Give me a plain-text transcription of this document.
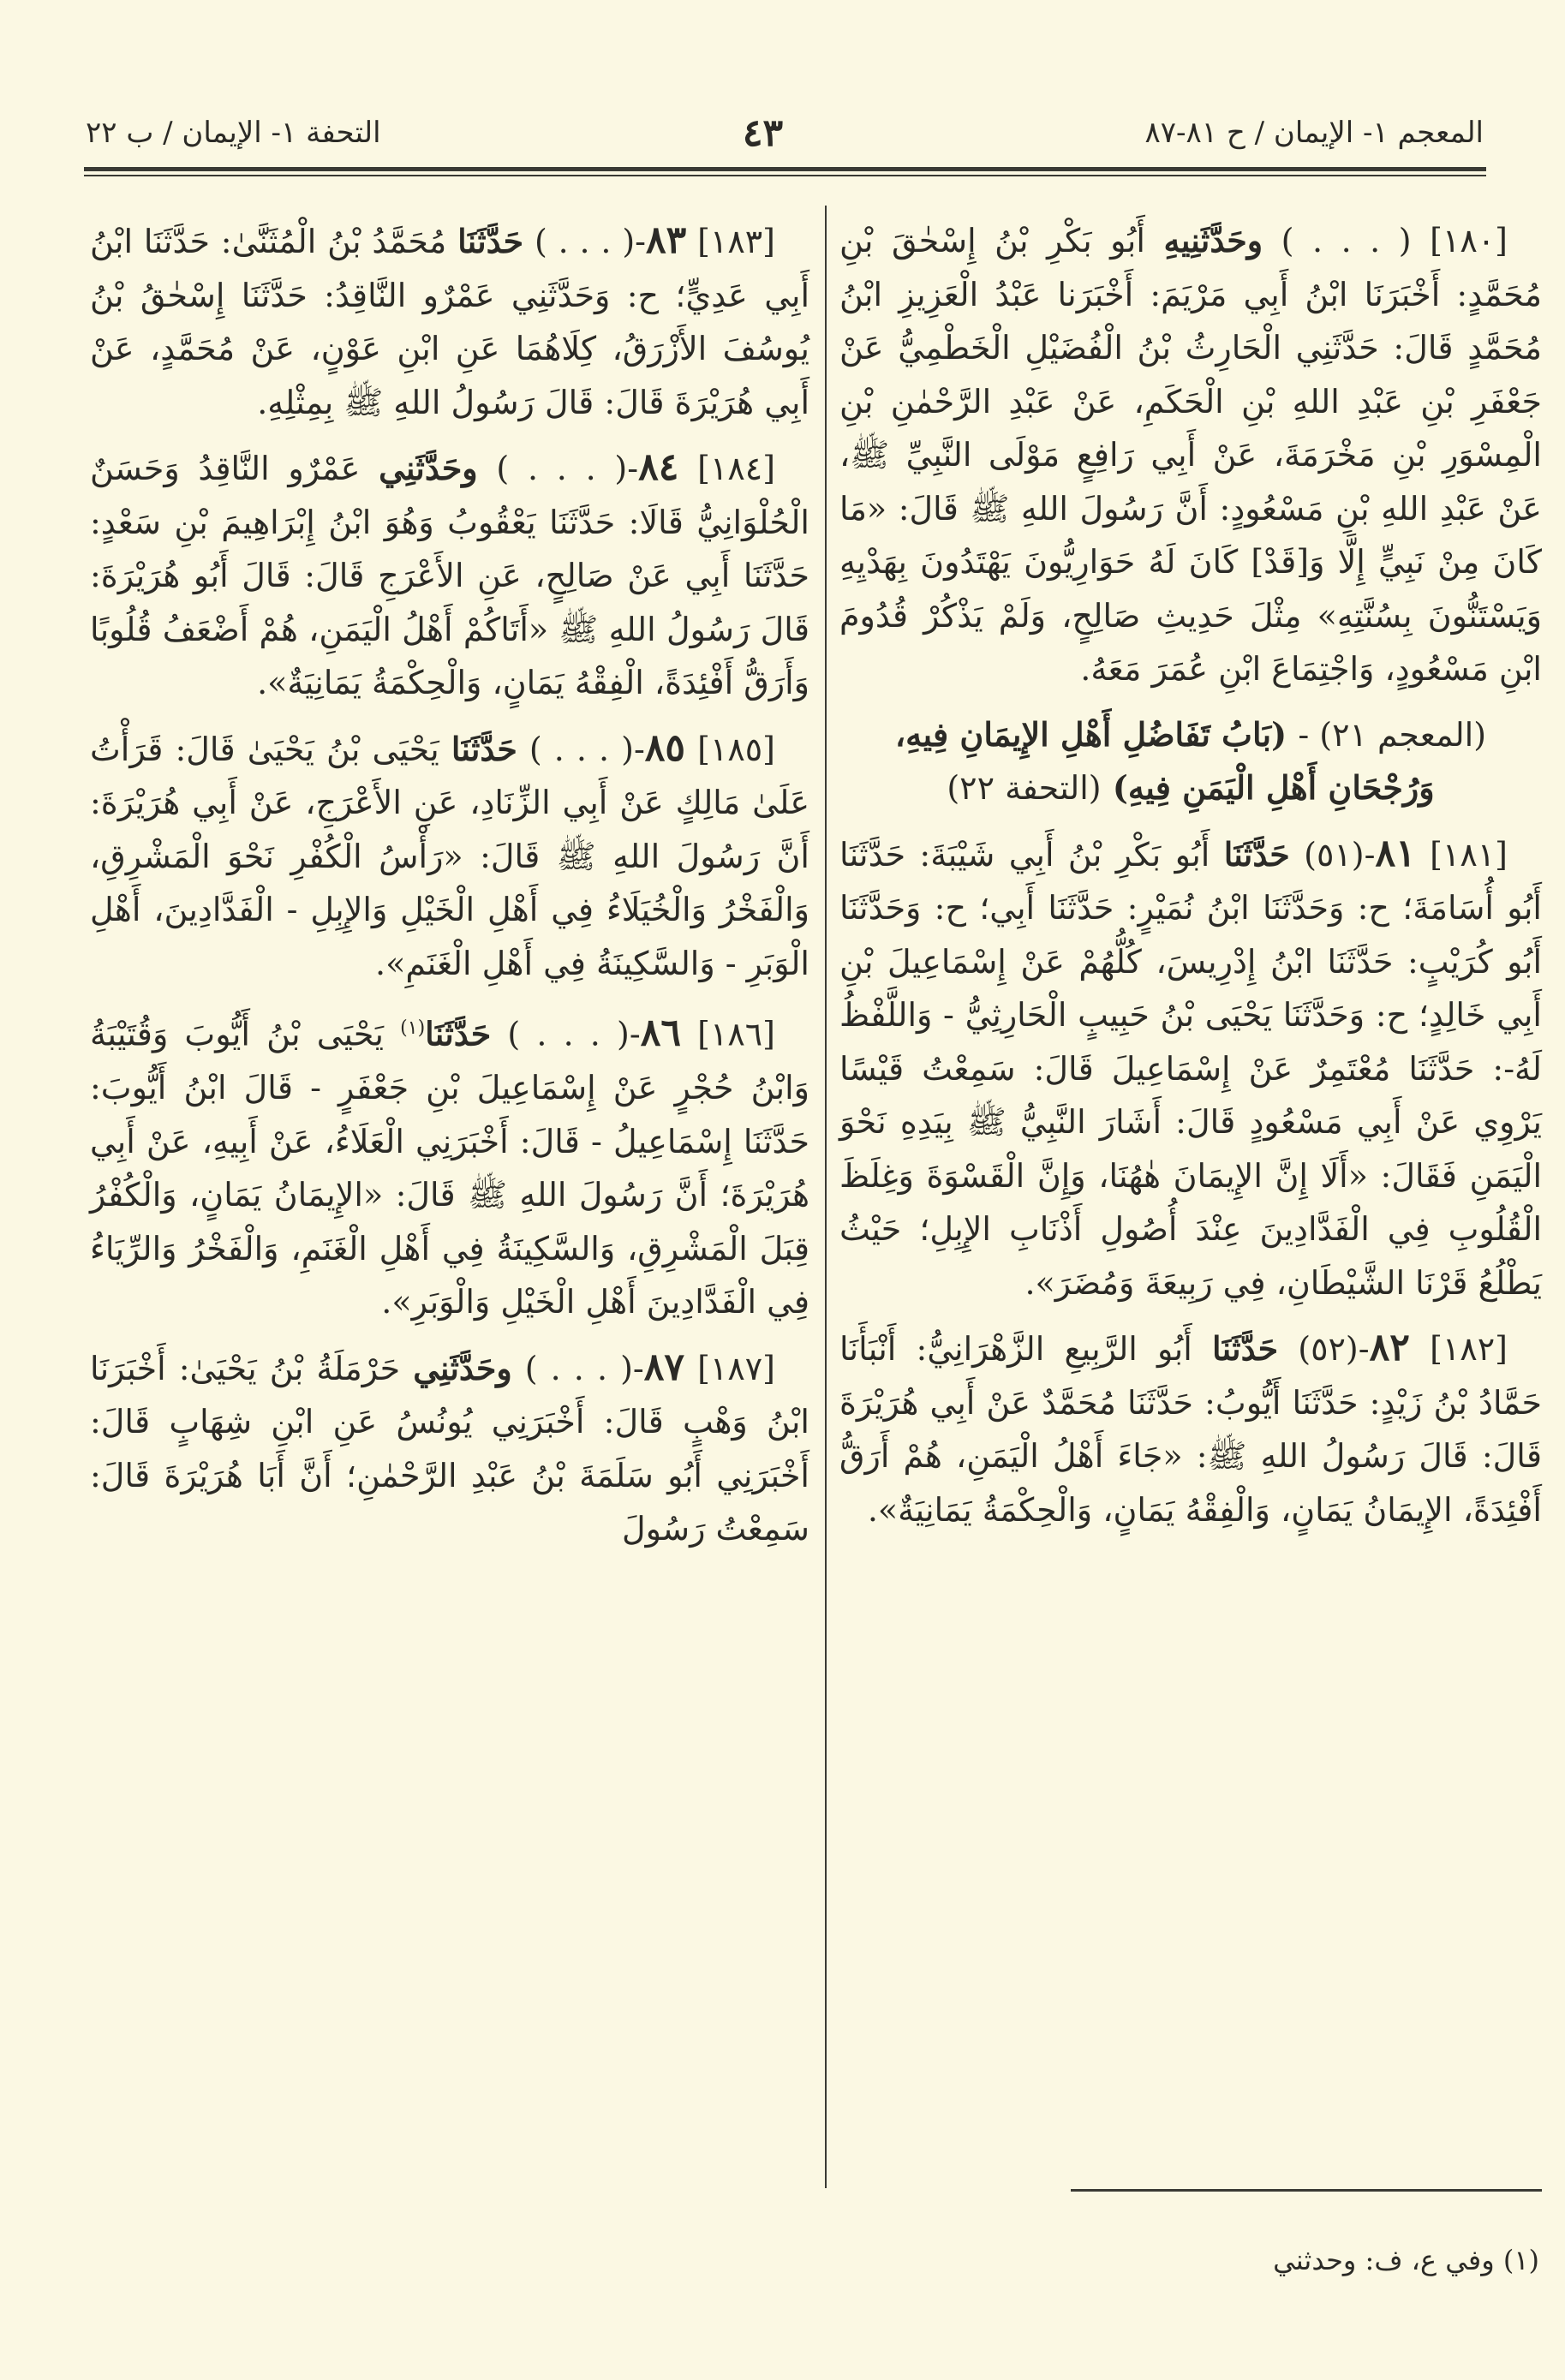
المعجم ١- الإيمان / ح ٨١-٨٧
٤٣
التحفة ١- الإيمان / ب ٢٢

[١٨٠] ( . . . ) وحَدَّثَنِيهِ أَبُو بَكْرِ بْنُ إِسْحٰقَ بْنِ مُحَمَّدٍ: أَخْبَرَنَا ابْنُ أَبِي مَرْيَمَ: أَخْبَرَنا عَبْدُ الْعَزِيزِ ابْنُ مُحَمَّدٍ قَالَ: حَدَّثَنِي الْحَارِثُ بْنُ الْفُضَيْلِ الْخَطْمِيُّ عَنْ جَعْفَرِ بْنِ عَبْدِ اللهِ بْنِ الْحَكَمِ، عَنْ عَبْدِ الرَّحْمٰنِ بْنِ الْمِسْوَرِ بْنِ مَخْرَمَةَ، عَنْ أَبِي رَافِعٍ مَوْلَى النَّبِيِّ ﷺ، عَنْ عَبْدِ اللهِ بْنِ مَسْعُودٍ: أَنَّ رَسُولَ اللهِ ﷺ قَالَ: «مَا كَانَ مِنْ نَبِيٍّ إِلَّا وَ[قَدْ] كَانَ لَهُ حَوَارِيُّونَ يَهْتَدُونَ بِهَدْيِهِ وَيَسْتَنُّونَ بِسُنَّتِهِ» مِثْلَ حَدِيثِ صَالِحٍ، وَلَمْ يَذْكُرْ قُدُومَ ابْنِ مَسْعُودٍ، وَاجْتِمَاعَ ابْنِ عُمَرَ مَعَهُ.

(المعجم ٢١) - (بَابُ تَفَاضُلِ أَهْلِ الإِيمَانِ فِيهِ، وَرُجْحَانِ أَهْلِ الْيَمَنِ فِيهِ) (التحفة ٢٢)

[١٨١] ٨١-(٥١) حَدَّثَنَا أَبُو بَكْرِ بْنُ أَبِي شَيْبَةَ: حَدَّثَنَا أَبُو أُسَامَةَ؛ ح: وَحَدَّثَنَا ابْنُ نُمَيْرٍ: حَدَّثَنَا أَبِي؛ ح: وَحَدَّثَنَا أَبُو كُرَيْبٍ: حَدَّثَنَا ابْنُ إِدْرِيسَ، كُلُّهُمْ عَنْ إِسْمَاعِيلَ بْنِ أَبِي خَالِدٍ؛ ح: وَحَدَّثَنَا يَحْيَى بْنُ حَبِيبٍ الْحَارِثِيُّ - وَاللَّفْظُ لَهُ-: حَدَّثَنَا مُعْتَمِرٌ عَنْ إِسْمَاعِيلَ قَالَ: سَمِعْتُ قَيْسًا يَرْوِي عَنْ أَبِي مَسْعُودٍ قَالَ: أَشَارَ النَّبِيُّ ﷺ بِيَدِهِ نَحْوَ الْيَمَنِ فَقَالَ: «أَلَا إِنَّ الإِيمَانَ هٰهُنَا، وَإِنَّ الْقَسْوَةَ وَغِلَظَ الْقُلُوبِ فِي الْفَدَّادِينَ عِنْدَ أُصُولِ أَذْنَابِ الإِبِلِ؛ حَيْثُ يَطْلُعُ قَرْنَا الشَّيْطَانِ، فِي رَبِيعَةَ وَمُضَرَ».

[١٨٢] ٨٢-(٥٢) حَدَّثَنَا أَبُو الرَّبِيعِ الزَّهْرَانِيُّ: أَنْبَأَنَا حَمَّادُ بْنُ زَيْدٍ: حَدَّثَنَا أَيُّوبُ: حَدَّثَنَا مُحَمَّدٌ عَنْ أَبِي هُرَيْرَةَ قَالَ: قَالَ رَسُولُ اللهِ ﷺ: «جَاءَ أَهْلُ الْيَمَنِ، هُمْ أَرَقُّ أَفْئِدَةً، الإِيمَانُ يَمَانٍ، وَالْفِقْهُ يَمَانٍ، وَالْحِكْمَةُ يَمَانِيَةٌ».

[١٨٣] ٨٣-( . . . ) حَدَّثَنَا مُحَمَّدُ بْنُ الْمُثَنَّىٰ: حَدَّثَنَا ابْنُ أَبِي عَدِيٍّ؛ ح: وَحَدَّثَنِي عَمْرٌو النَّاقِدُ: حَدَّثَنَا إِسْحٰقُ بْنُ يُوسُفَ الأَزْرَقُ، كِلَاهُمَا عَنِ ابْنِ عَوْنٍ، عَنْ مُحَمَّدٍ، عَنْ أَبِي هُرَيْرَةَ قَالَ: قَالَ رَسُولُ اللهِ ﷺ بِمِثْلِهِ.

[١٨٤] ٨٤-( . . . ) وحَدَّثَنِي عَمْرٌو النَّاقِدُ وَحَسَنٌ الْحُلْوَانِيُّ قَالَا: حَدَّثَنَا يَعْقُوبُ وَهُوَ ابْنُ إِبْرَاهِيمَ بْنِ سَعْدٍ: حَدَّثَنَا أَبِي عَنْ صَالِحٍ، عَنِ الأَعْرَجِ قَالَ: قَالَ أَبُو هُرَيْرَةَ: قَالَ رَسُولُ اللهِ ﷺ «أَتَاكُمْ أَهْلُ الْيَمَنِ، هُمْ أَضْعَفُ قُلُوبًا وَأَرَقُّ أَفْئِدَةً، الْفِقْهُ يَمَانٍ، وَالْحِكْمَةُ يَمَانِيَةٌ».

[١٨٥] ٨٥-( . . . ) حَدَّثَنَا يَحْيَى بْنُ يَحْيَىٰ قَالَ: قَرَأْتُ عَلَىٰ مَالِكٍ عَنْ أَبِي الزِّنَادِ، عَنِ الأَعْرَجِ، عَنْ أَبِي هُرَيْرَةَ: أَنَّ رَسُولَ اللهِ ﷺ قَالَ: «رَأْسُ الْكُفْرِ نَحْوَ الْمَشْرِقِ، وَالْفَخْرُ وَالْخُيَلَاءُ فِي أَهْلِ الْخَيْلِ وَالإِبِلِ - الْفَدَّادِينَ، أَهْلِ الْوَبَرِ - وَالسَّكِينَةُ فِي أَهْلِ الْغَنَمِ».

[١٨٦] ٨٦-( . . . ) حَدَّثَنَا$^{(١)}$ يَحْيَى بْنُ أَيُّوبَ وَقُتَيْبَةُ وَابْنُ حُجْرٍ عَنْ إِسْمَاعِيلَ بْنِ جَعْفَرٍ - قَالَ ابْنُ أَيُّوبَ: حَدَّثَنَا إِسْمَاعِيلُ - قَالَ: أَخْبَرَنِي الْعَلَاءُ، عَنْ أَبِيهِ، عَنْ أَبِي هُرَيْرَةَ؛ أَنَّ رَسُولَ اللهِ ﷺ قَالَ: «الإِيمَانُ يَمَانٍ، وَالْكُفْرُ قِبَلَ الْمَشْرِقِ، وَالسَّكِينَةُ فِي أَهْلِ الْغَنَمِ، وَالْفَخْرُ وَالرِّيَاءُ فِي الْفَدَّادِينَ أَهْلِ الْخَيْلِ وَالْوَبَرِ».

[١٨٧] ٨٧-( . . . ) وحَدَّثَنِي حَرْمَلَةُ بْنُ يَحْيَىٰ: أَخْبَرَنَا ابْنُ وَهْبٍ قَالَ: أَخْبَرَنِي يُونُسُ عَنِ ابْنِ شِهَابٍ قَالَ: أَخْبَرَنِي أَبُو سَلَمَةَ بْنُ عَبْدِ الرَّحْمٰنِ؛ أَنَّ أَبَا هُرَيْرَةَ قَالَ: سَمِعْتُ رَسُولَ

(١) وفي ع، ف: وحدثني
